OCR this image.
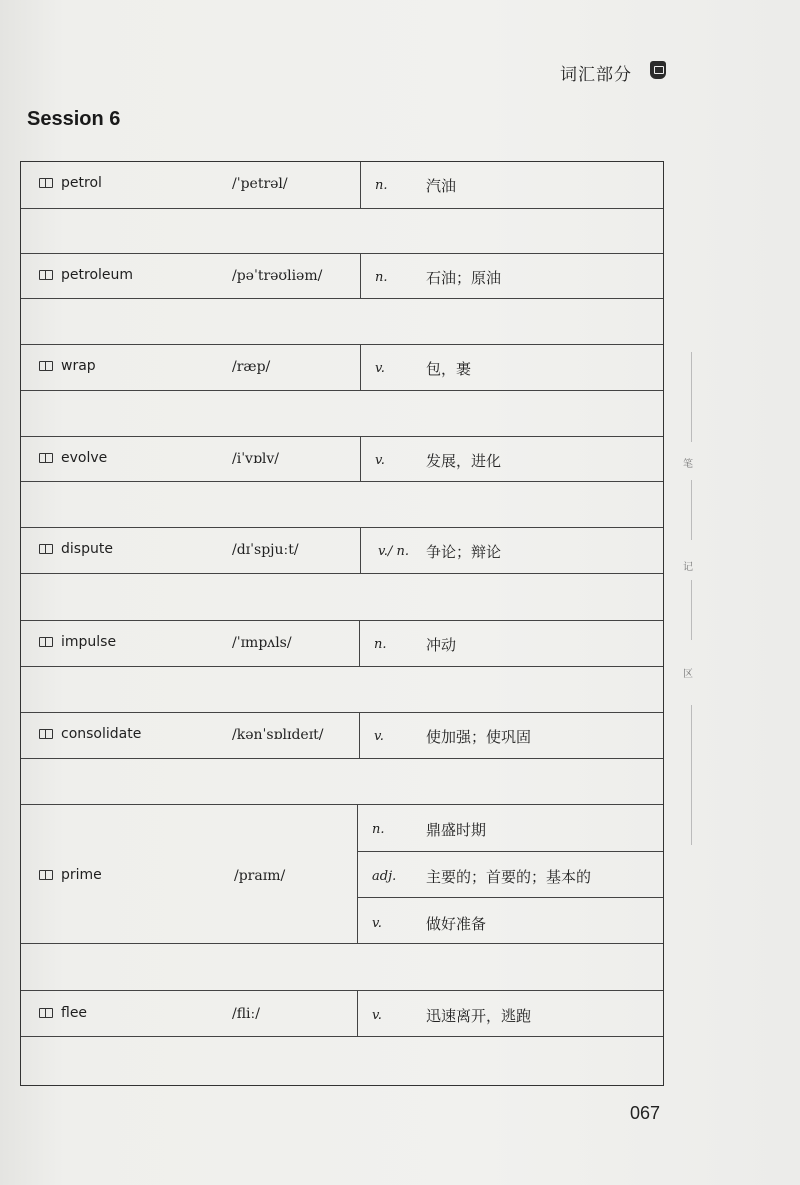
词汇部分
Session 6
petrol	/ˈpetrəl/	n.	汽油
petroleum	/pəˈtrəʊliəm/	n.	石油；原油
wrap	/ræp/	v.	包，裹
evolve	/iˈvɒlv/	v.	发展，进化
dispute	/dɪˈspjuːt/	v./ n. 争论；辩论
impulse	/ˈɪmpʌls/	n.	冲动
consolidate	/kənˈsɒlɪdeɪt/	v.	使加强；使巩固
prime	/praɪm/
n.	鼎盛时期
adj. 主要的；首要的；基本的
v.	做好准备
flee	/fliː/	v.	迅速离开，逃跑
笔
记
区
067
